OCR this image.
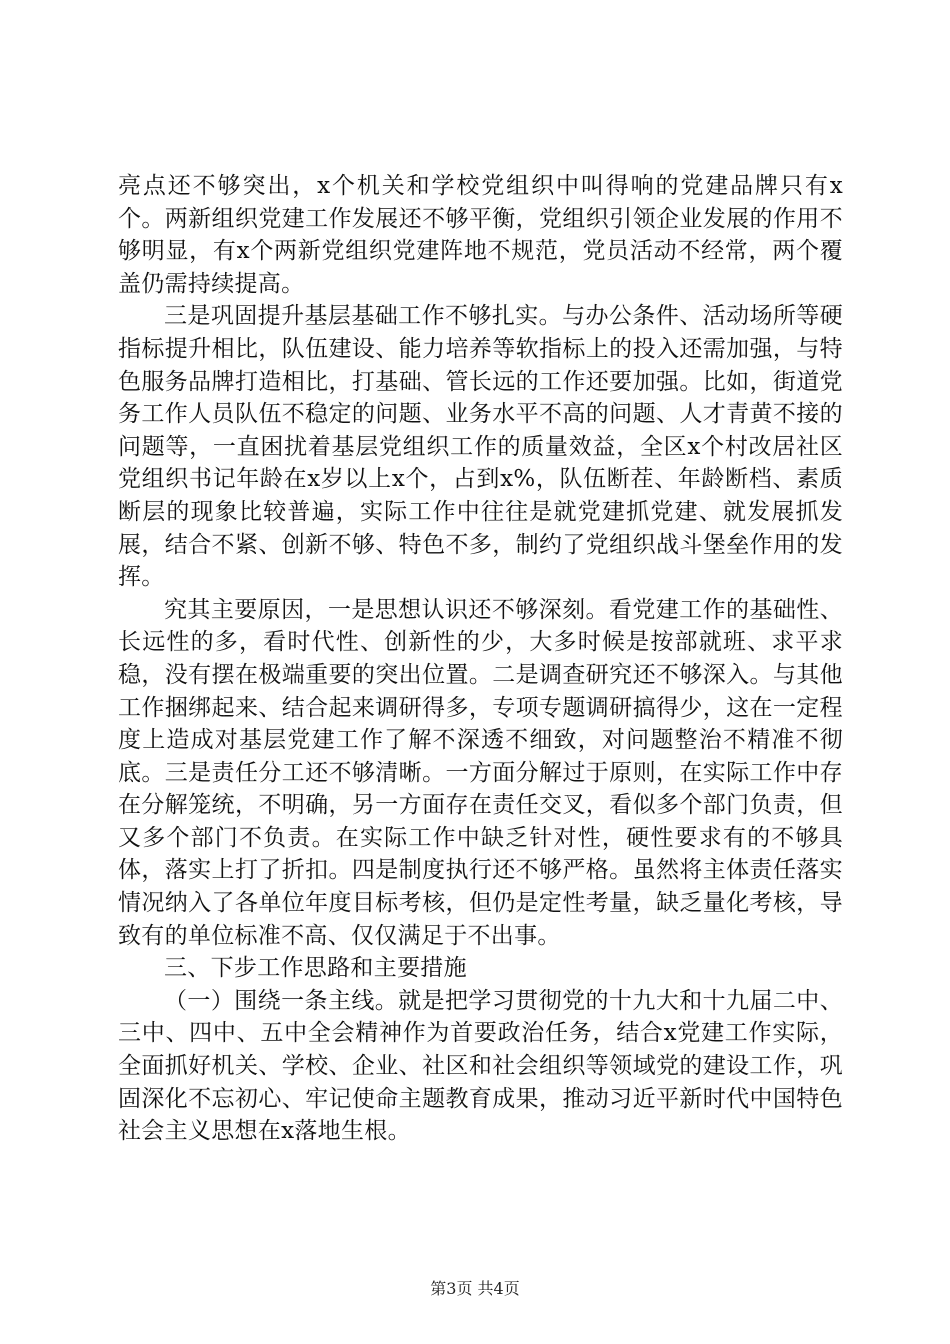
亮点还不够突出，x个机关和学校党组织中叫得响的党建品牌只有x个。两新组织党建工作发展还不够平衡，党组织引领企业发展的作用不够明显，有x个两新党组织党建阵地不规范，党员活动不经常，两个覆盖仍需持续提高。

三是巩固提升基层基础工作不够扎实。与办公条件、活动场所等硬指标提升相比，队伍建设、能力培养等软指标上的投入还需加强，与特色服务品牌打造相比，打基础、管长远的工作还要加强。比如，街道党务工作人员队伍不稳定的问题、业务水平不高的问题、人才青黄不接的问题等，一直困扰着基层党组织工作的质量效益，全区x个村改居社区党组织书记年龄在x岁以上x个，占到x%，队伍断茬、年龄断档、素质断层的现象比较普遍，实际工作中往往是就党建抓党建、就发展抓发展，结合不紧、创新不够、特色不多，制约了党组织战斗堡垒作用的发挥。

究其主要原因，一是思想认识还不够深刻。看党建工作的基础性、长远性的多，看时代性、创新性的少，大多时候是按部就班、求平求稳，没有摆在极端重要的突出位置。二是调查研究还不够深入。与其他工作捆绑起来、结合起来调研得多，专项专题调研搞得少，这在一定程度上造成对基层党建工作了解不深透不细致，对问题整治不精准不彻底。三是责任分工还不够清晰。一方面分解过于原则，在实际工作中存在分解笼统，不明确，另一方面存在责任交叉，看似多个部门负责，但又多个部门不负责。在实际工作中缺乏针对性，硬性要求有的不够具体，落实上打了折扣。四是制度执行还不够严格。虽然将主体责任落实情况纳入了各单位年度目标考核，但仍是定性考量，缺乏量化考核，导致有的单位标准不高、仅仅满足于不出事。

三、下步工作思路和主要措施

（一）围绕一条主线。就是把学习贯彻党的十九大和十九届二中、三中、四中、五中全会精神作为首要政治任务，结合x党建工作实际，全面抓好机关、学校、企业、社区和社会组织等领域党的建设工作，巩固深化不忘初心、牢记使命主题教育成果，推动习近平新时代中国特色社会主义思想在x落地生根。

第3页 共4页
